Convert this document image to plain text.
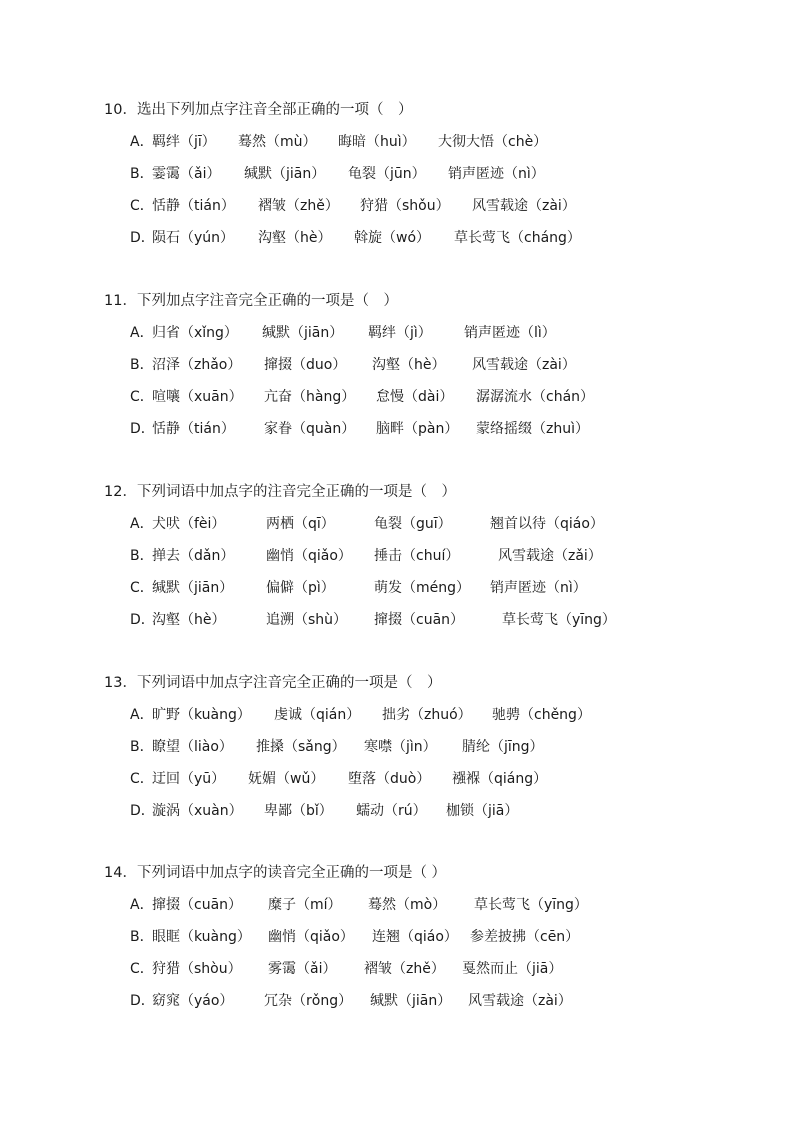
10．选出下列加点字注音全部正确的一项（　）
A．
羁绊（jī） 蓦然（mù） 晦暗（huì） 大彻大悟（chè）
B．
霎霭（ǎi） 缄默（jiān） 龟裂（jūn） 销声匿迹（nì）
C．
恬静（tián） 褶皱（zhě） 狩猎（shǒu） 风雪载途（zài）
D．
陨石（yún） 沟壑（hè） 斡旋（wó） 草长莺飞（cháng）
11．下列加点字注音完全正确的一项是（　）
A．
归省（xǐng） 缄默（jiān） 羁绊（jì） 销声匿迹（lì）
B．
沼泽（zhǎo） 撺掇（duo） 沟壑（hè） 风雪载途（zài）
C．
喧嚷（xuān） 亢奋（hàng） 怠慢（dài） 潺潺流水（chán）
D．
恬静（tián） 家眷（quàn） 脑畔（pàn） 蒙络摇缀（zhuì）
12．下列词语中加点字的注音完全正确的一项是（　）
A．
犬吠（fèi）	两栖（qī）	龟裂（guī）	翘首以待（qiáo）
B．
掸去（dǎn） 幽悄（qiǎo） 捶击（chuí）	风雪载途（zǎi）
C．
缄默（jiān） 偏僻（pì）	萌发（méng） 销声匿迹（nì）
D．
沟壑（hè）	追溯（shù） 撺掇（cuān）	草长莺飞（yīng）
13．下列词语中加点字注音完全正确的一项是（　）
A．
旷野（kuàng） 虔诚（qián） 拙劣（zhuó） 驰骋（chěng）
B．
瞭望（liào） 推搡（sǎng） 寒噤（jìn） 腈纶（jīng）
C．
迂回（yū） 妩媚（wǔ） 堕落（duò） 襁褓（qiáng）
D．
漩涡（xuàn） 卑鄙（bǐ） 蠕动（rú） 枷锁（jiā）
14．下列词语中加点字的读音完全正确的一项是（ ）
A．
撺掇（cuān） 糜子（mí） 蓦然（mò） 草长莺飞（yīng）
B．
眼眶（kuàng） 幽悄（qiǎo） 连翘（qiáo） 参差披拂（cēn）
C．
狩猎（shòu） 雾霭（ǎi） 褶皱（zhě） 戛然而止（jiā）
D．
窈窕（yáo） 冗杂（rǒng） 缄默（jiān） 风雪载途（zài）
